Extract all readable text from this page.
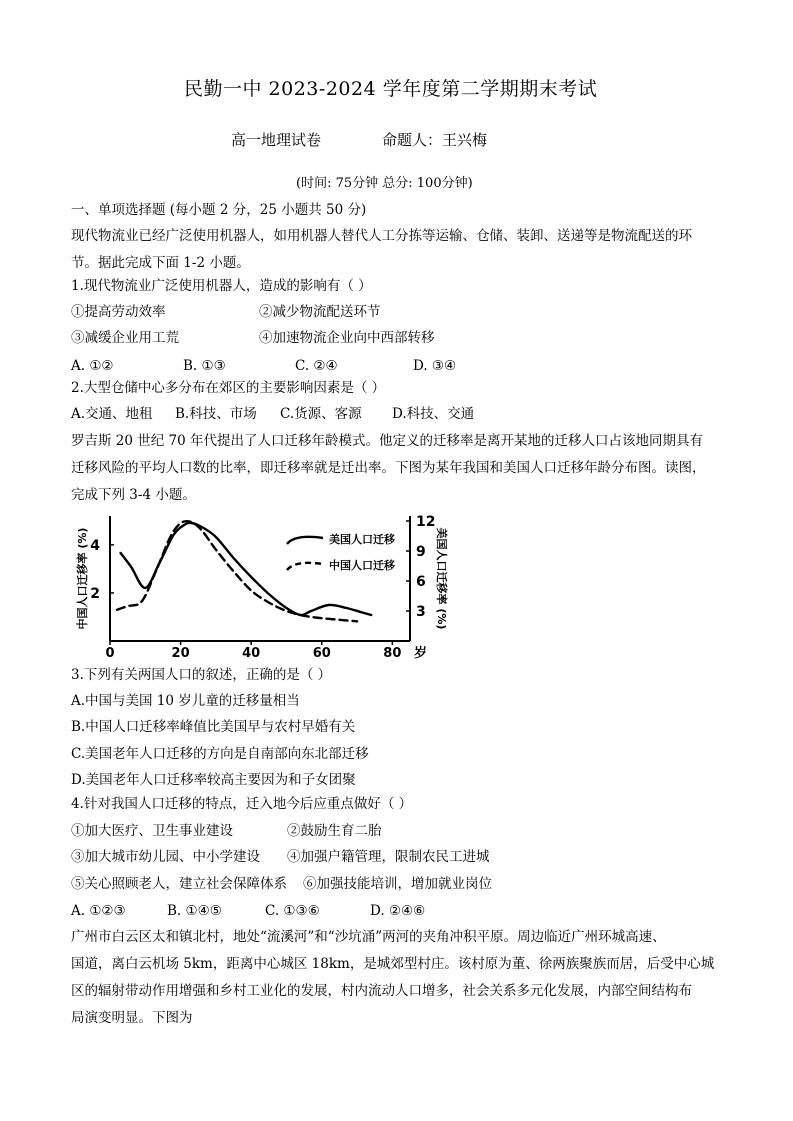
民勤一中 2023-2024 学年度第二学期期末考试
高一地理试卷	命题人：王兴梅
(时间: 75分钟 总分: 100分钟)
一、单项选择题 (每小题 2 分，25 小题共 50 分)
现代物流业已经广泛使用机器人，如用机器人替代人工分拣等运输、仓储、装卸、送递等是物流配送的环
节。据此完成下面 1-2 小题。
1.现代物流业广泛使用机器人，造成的影响有（ ）
①提高劳动效率	②减少物流配送环节
③减缓企业用工荒	④加速物流企业向中西部转移
A. ①②	B. ①③	C. ②④	D. ③④
2.大型仓储中心多分布在郊区的主要影响因素是（ ）
A.交通、地租 B.科技、市场 C.货源、客源 D.科技、交通
罗吉斯 20 世纪 70 年代提出了人口迁移年龄模式。他定义的迁移率是离开某地的迁移人口占该地同期具有
迁移风险的平均人口数的比率，即迁移率就是迁出率。下图为某年我国和美国人口迁移年龄分布图。读图，
完成下列 3-4 小题。
0	20	40	60	80 岁
2
4
3
6
9
12
中国人口迁移率 (%)	美国人口迁移率 (%)
美国人口迁移
中国人口迁移
3.下列有关两国人口的叙述，正确的是（ ）
A.中国与美国 10 岁儿童的迁移量相当
B.中国人口迁移率峰值比美国早与农村早婚有关
C.美国老年人口迁移的方向是自南部向东北部迁移
D.美国老年人口迁移率较高主要因为和子女团聚
4.针对我国人口迁移的特点，迁入地今后应重点做好（ ）
①加大医疗、卫生事业建设	②鼓励生育二胎
③加大城市幼儿园、中小学建设 ④加强户籍管理，限制农民工进城
⑤关心照顾老人，建立社会保障体系 ⑥加强技能培训，增加就业岗位
A. ①②③	B. ①④⑤	C. ①③⑥	D. ②④⑥
广州市白云区太和镇北村，地处“流溪河”和“沙坑涌”两河的夹角冲积平原。周边临近广州环城高速、
国道，离白云机场 5km，距离中心城区 18km，是城郊型村庄。该村原为董、徐两族聚族而居，后受中心城
区的辐射带动作用增强和乡村工业化的发展，村内流动人口增多，社会关系多元化发展，内部空间结构布
局演变明显。下图为
